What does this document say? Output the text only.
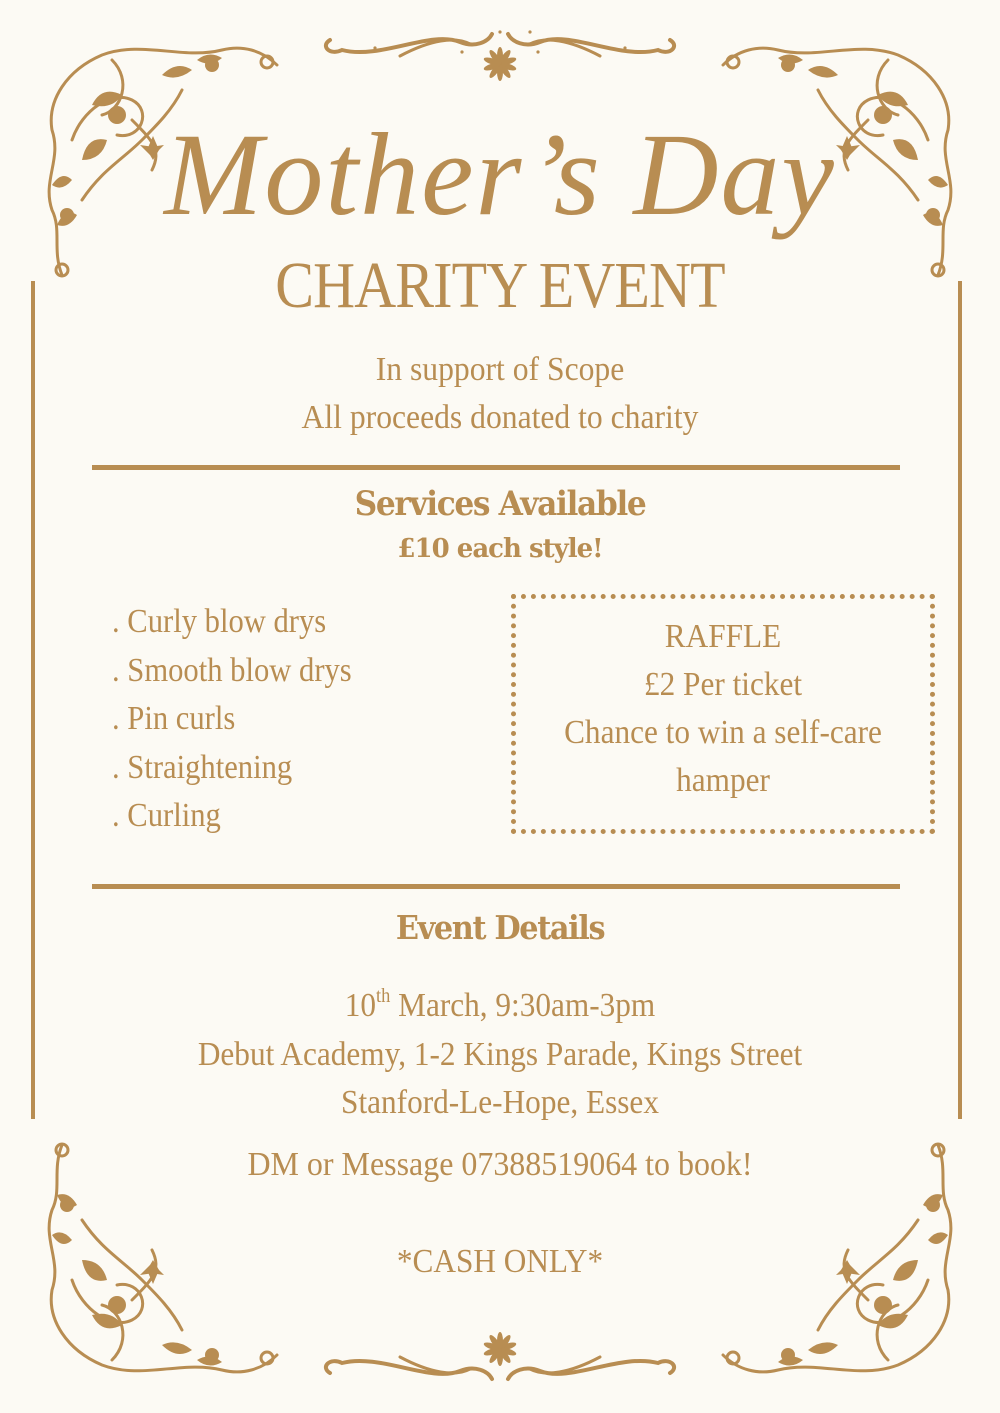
Mother’s Day
CHARITY EVENT
In support of Scope
All proceeds donated to charity
Services Available
£10 each style!
. Curly blow drys
. Smooth blow drys
. Pin curls
. Straightening
. Curling
RAFFLE
£2 Per ticket
Chance to win a self-care
hamper
Event Details
10th March, 9:30am-3pm
Debut Academy, 1-2 Kings Parade, Kings Street
Stanford-Le-Hope, Essex
DM or Message 07388519064 to book!
*CASH ONLY*
